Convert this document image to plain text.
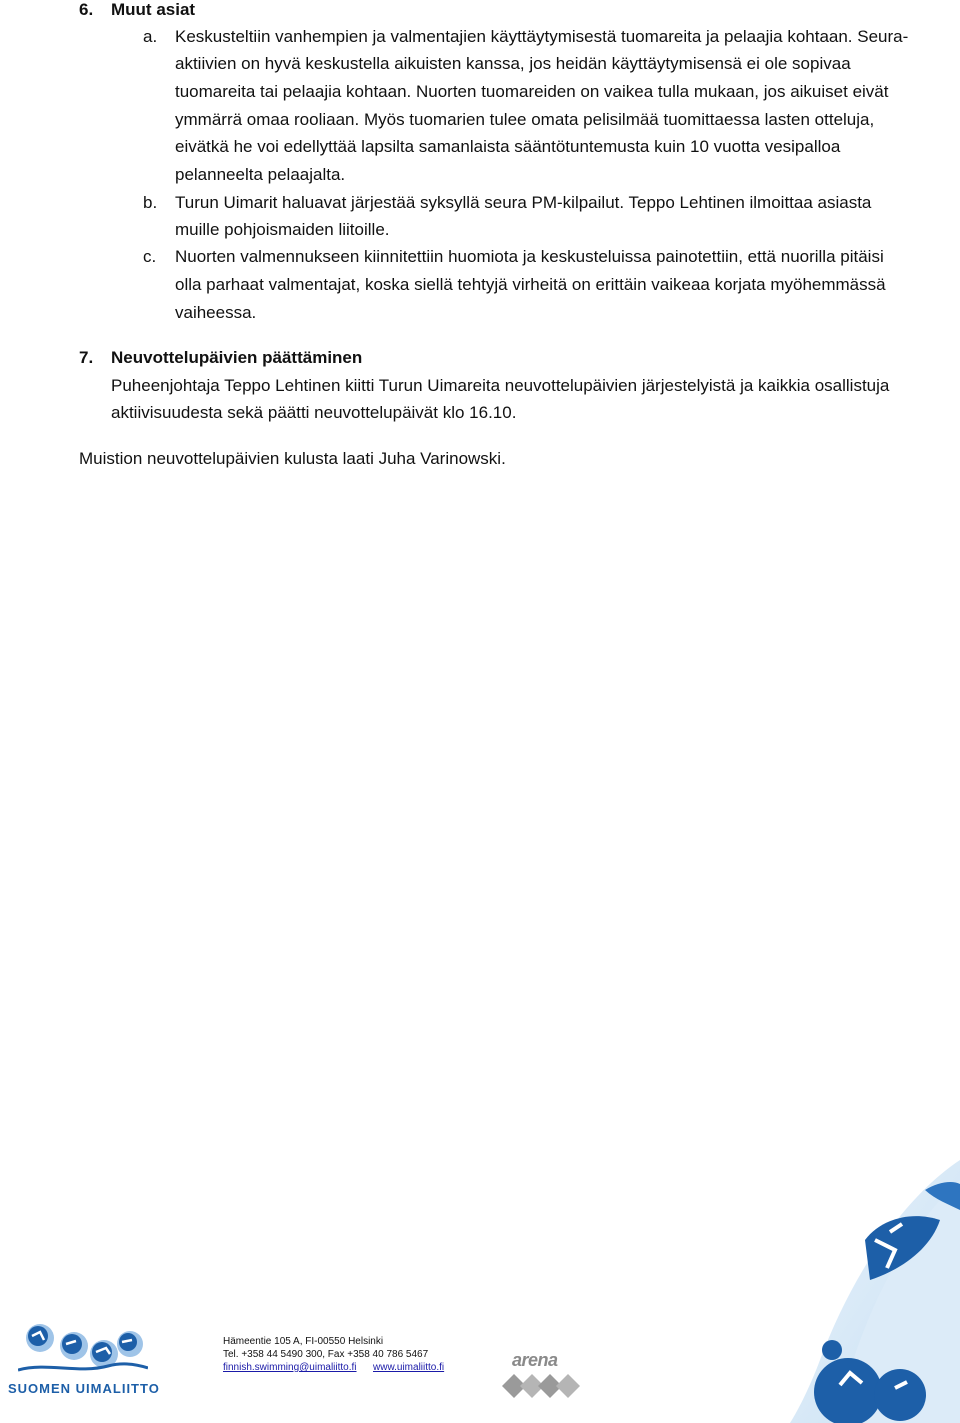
6. Muut asiat
a. Keskusteltiin vanhempien ja valmentajien käyttäytymisestä tuomareita ja pelaajia kohtaan. Seura-
aktiivien on hyvä keskustella aikuisten kanssa, jos heidän käyttäytymisensä ei ole sopivaa
tuomareita tai pelaajia kohtaan. Nuorten tuomareiden on vaikea tulla mukaan, jos aikuiset eivät
ymmärrä omaa rooliaan. Myös tuomarien tulee omata pelisilmää tuomittaessa lasten otteluja,
eivätkä he voi edellyttää lapsilta samanlaista sääntötuntemusta kuin 10 vuotta vesipalloa
pelanneelta pelaajalta.
b. Turun Uimarit haluavat järjestää syksyllä seura PM-kilpailut. Teppo Lehtinen ilmoittaa asiasta
muille pohjoismaiden liitoille.
c. Nuorten valmennukseen kiinnitettiin huomiota ja keskusteluissa painotettiin, että nuorilla pitäisi
olla parhaat valmentajat, koska siellä tehtyjä virheitä on erittäin vaikeaa korjata myöhemmässä
vaiheessa.
7. Neuvottelupäivien päättäminen
Puheenjohtaja Teppo Lehtinen kiitti Turun Uimareita neuvottelupäivien järjestelyistä ja kaikkia osallistuja
aktiivisuudesta sekä päätti neuvottelupäivät klo 16.10.
Muistion neuvottelupäivien kulusta laati Juha Varinowski.
SUOMEN UIMALIITTO
Hämeentie 105 A, FI-00550 Helsinki
Tel. +358 44 5490 300, Fax +358 40 786 5467
finnish.swimming@uimaliitto.fi www.uimaliitto.fi	arena
